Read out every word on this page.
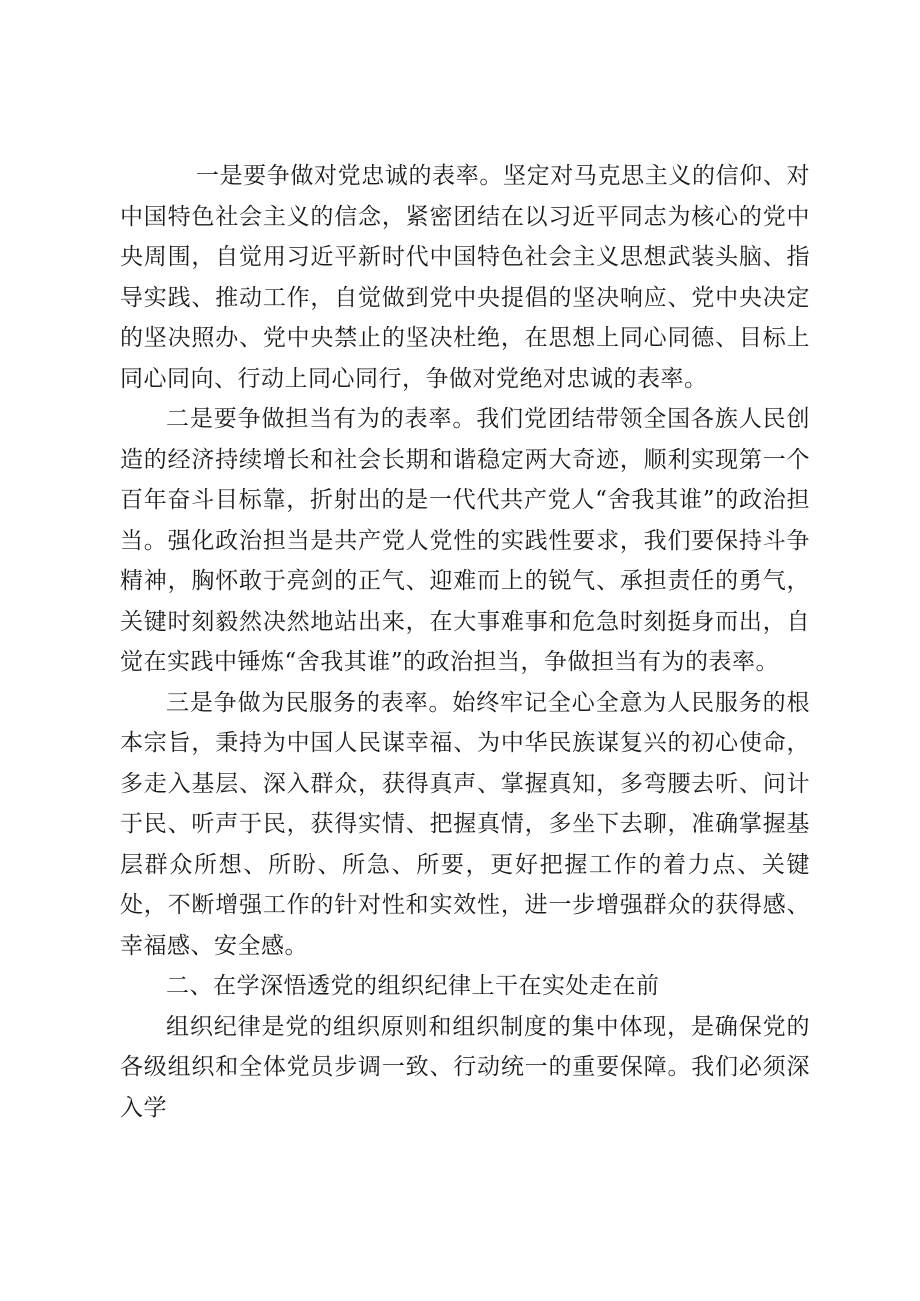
一是要争做对党忠诚的表率。坚定对马克思主义的信仰、对中国特色社会主义的信念，紧密团结在以习近平同志为核心的党中央周围，自觉用习近平新时代中国特色社会主义思想武装头脑、指导实践、推动工作，自觉做到党中央提倡的坚决响应、党中央决定的坚决照办、党中央禁止的坚决杜绝，在思想上同心同德、目标上同心同向、行动上同心同行，争做对党绝对忠诚的表率。

二是要争做担当有为的表率。我们党团结带领全国各族人民创造的经济持续增长和社会长期和谐稳定两大奇迹，顺利实现第一个百年奋斗目标靠，折射出的是一代代共产党人“舍我其谁”的政治担当。强化政治担当是共产党人党性的实践性要求，我们要保持斗争精神，胸怀敢于亮剑的正气、迎难而上的锐气、承担责任的勇气，关键时刻毅然决然地站出来，在大事难事和危急时刻挺身而出，自觉在实践中锤炼“舍我其谁”的政治担当，争做担当有为的表率。

三是争做为民服务的表率。始终牢记全心全意为人民服务的根本宗旨，秉持为中国人民谋幸福、为中华民族谋复兴的初心使命，多走入基层、深入群众，获得真声、掌握真知，多弯腰去听、问计于民、听声于民，获得实情、把握真情，多坐下去聊，准确掌握基层群众所想、所盼、所急、所要，更好把握工作的着力点、关键处，不断增强工作的针对性和实效性，进一步增强群众的获得感、幸福感、安全感。

二、在学深悟透党的组织纪律上干在实处走在前

组织纪律是党的组织原则和组织制度的集中体现，是确保党的各级组织和全体党员步调一致、行动统一的重要保障。我们必须深入学
